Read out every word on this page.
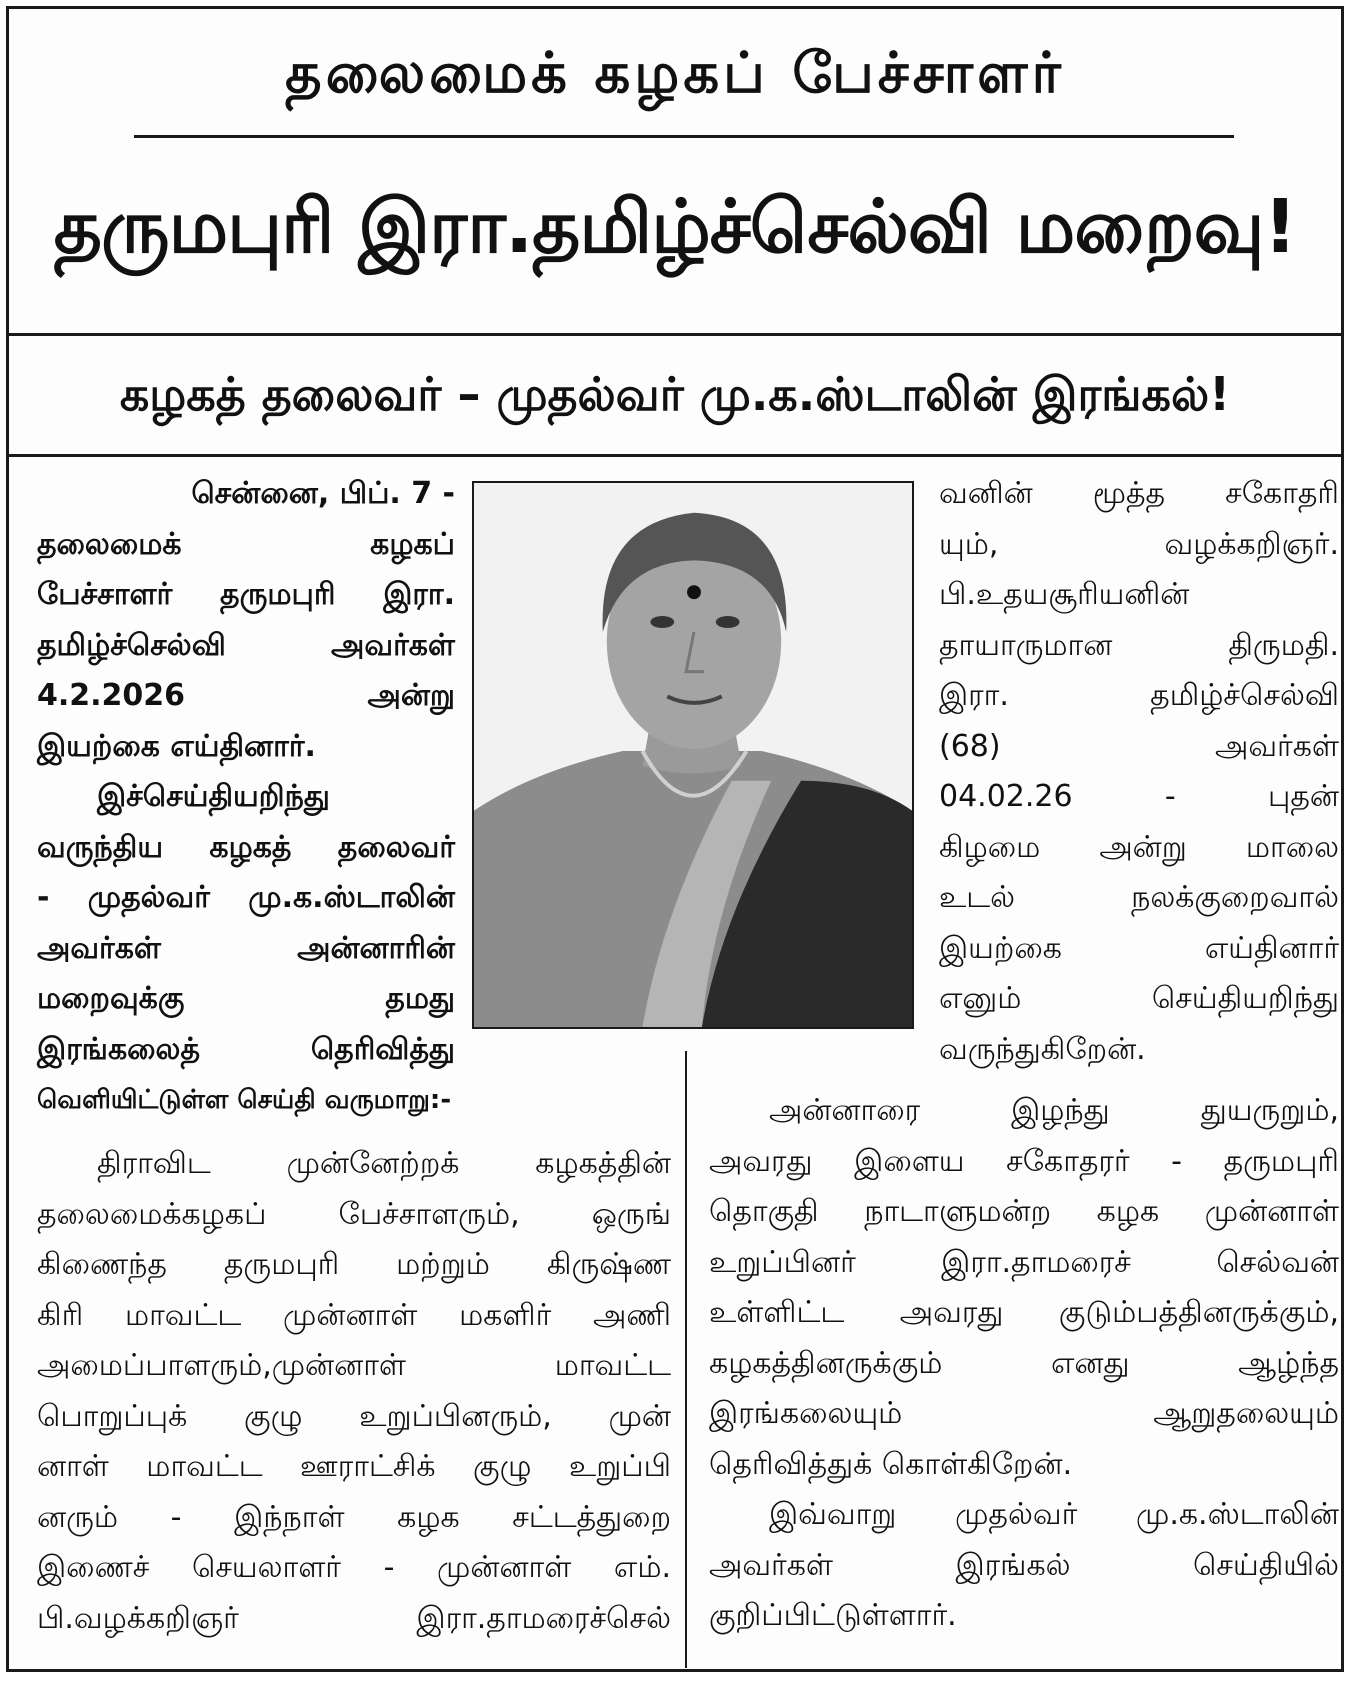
தலைமைக் கழகப் பேச்சாளர்
தருமபுரி இரா.தமிழ்ச்செல்வி மறைவு!
கழகத் தலைவர் – முதல்வர் மு.க.ஸ்டாலின் இரங்கல்!
சென்னை, பிப். 7 -
தலைமைக் கழகப்
பேச்சாளர் தருமபுரி இரா.
தமிழ்ச்செல்வி அவர்கள்
4.2.2026 அன்று
இயற்கை எய்தினார்.
இச்செய்தியறிந்து
வருந்திய கழகத் தலைவர்
- முதல்வர் மு.க.ஸ்டாலின்
அவர்கள் அன்னாரின்
மறைவுக்கு தமது
இரங்கலைத் தெரிவித்து
வெளியிட்டுள்ள செய்தி வருமாறு:-
திராவிட முன்னேற்றக் கழகத்தின்
தலைமைக்கழகப் பேச்சாளரும், ஒருங்
கிணைந்த தருமபுரி மற்றும் கிருஷ்ண
கிரி மாவட்ட முன்னாள் மகளிர் அணி
அமைப்பாளரும்,முன்னாள் மாவட்ட
பொறுப்புக் குழு உறுப்பினரும், முன்
னாள் மாவட்ட ஊராட்சிக் குழு உறுப்பி
னரும் - இந்நாள் கழக சட்டத்துறை
இணைச் செயலாளர் - முன்னாள் எம்.
பி.வழக்கறிஞர் இரா.தாமரைச்செல்
வனின் மூத்த சகோதரி
யும், வழக்கறிஞர்.
பி.உதயசூரியனின்
தாயாருமான திருமதி.
இரா. தமிழ்ச்செல்வி
(68) அவர்கள்
04.02.26 - புதன்
கிழமை அன்று மாலை
உடல் நலக்குறைவால்
இயற்கை எய்தினார்
எனும் செய்தியறிந்து
வருந்துகிறேன்.
அன்னாரை இழந்து துயருறும்,
அவரது இளைய சகோதரர் - தருமபுரி
தொகுதி நாடாளுமன்ற கழக முன்னாள்
உறுப்பினர் இரா.தாமரைச் செல்வன்
உள்ளிட்ட அவரது குடும்பத்தினருக்கும்,
கழகத்தினருக்கும் எனது ஆழ்ந்த
இரங்கலையும் ஆறுதலையும்
தெரிவித்துக் கொள்கிறேன்.
இவ்வாறு முதல்வர் மு.க.ஸ்டாலின்
அவர்கள் இரங்கல் செய்தியில்
குறிப்பிட்டுள்ளார்.
